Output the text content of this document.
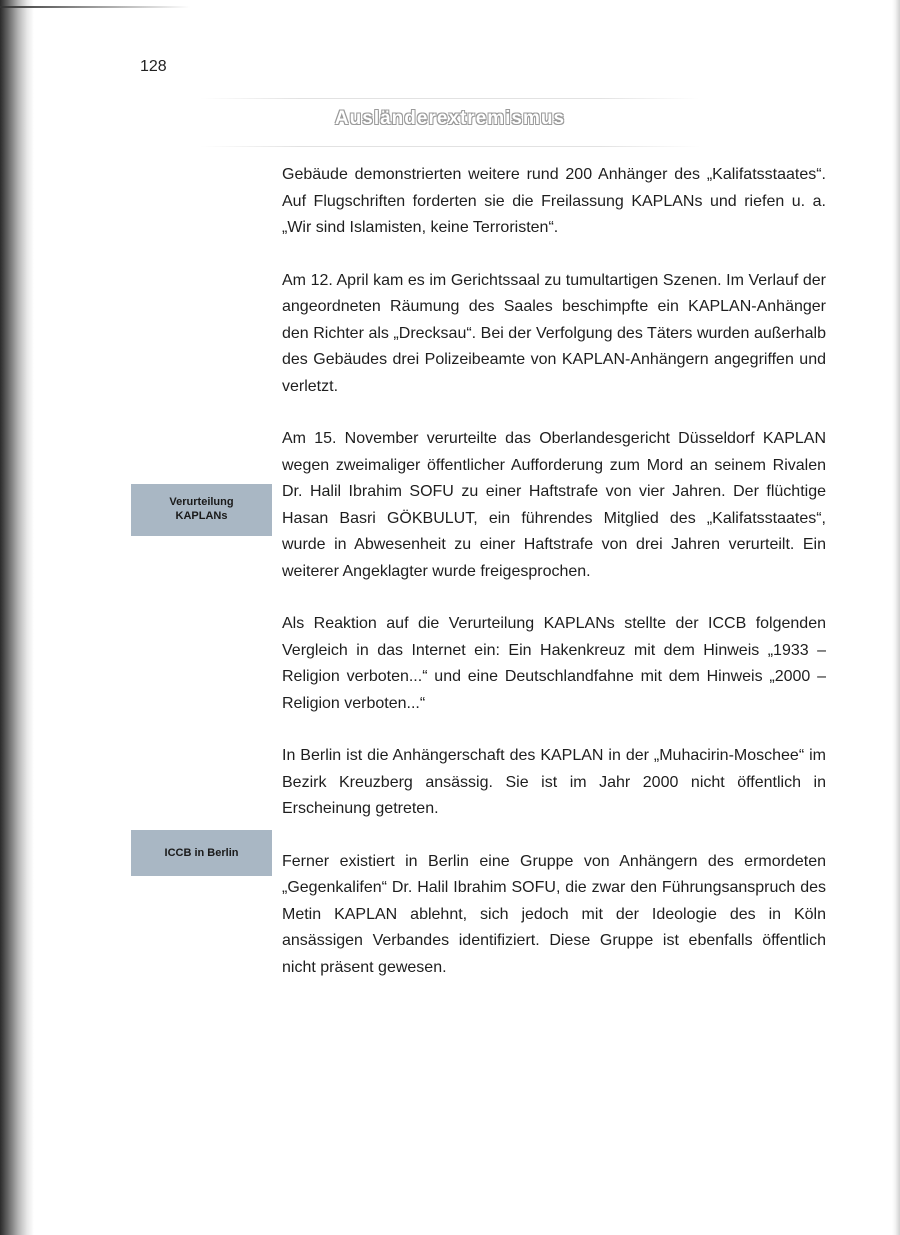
128
Ausländerextremismus
Verurteilung
KAPLANs
ICCB in Berlin

Gebäude demonstrierten weitere rund 200 Anhänger des „Kalifatsstaates“. Auf Flugschriften forderten sie die Freilassung KAPLANs und riefen u. a. „Wir sind Islamisten, keine Terroristen“.

Am 12. April kam es im Gerichtssaal zu tumultartigen Szenen. Im Verlauf der angeordneten Räumung des Saales beschimpfte ein KAPLAN-Anhänger den Richter als „Drecksau“. Bei der Verfolgung des Täters wurden außerhalb des Gebäudes drei Polizeibeamte von KAPLAN-Anhängern angegriffen und verletzt.

Am 15. November verurteilte das Oberlandesgericht Düsseldorf KAPLAN wegen zweimaliger öffentlicher Aufforderung zum Mord an seinem Rivalen Dr. Halil Ibrahim SOFU zu einer Haftstrafe von vier Jahren. Der flüchtige Hasan Basri GÖKBULUT, ein führendes Mitglied des „Kalifatsstaates“, wurde in Abwesenheit zu einer Haftstrafe von drei Jahren verurteilt. Ein weiterer Angeklagter wurde freigesprochen.

Als Reaktion auf die Verurteilung KAPLANs stellte der ICCB folgenden Vergleich in das Internet ein: Ein Hakenkreuz mit dem Hinweis „1933 – Religion verboten...“ und eine Deutschlandfahne mit dem Hinweis „2000 – Religion verboten...“

In Berlin ist die Anhängerschaft des KAPLAN in der „Muhacirin-Moschee“ im Bezirk Kreuzberg ansässig. Sie ist im Jahr 2000 nicht öffentlich in Erscheinung getreten.

Ferner existiert in Berlin eine Gruppe von Anhängern des ermordeten „Gegenkalifen“ Dr. Halil Ibrahim SOFU, die zwar den Führungsanspruch des Metin KAPLAN ablehnt, sich jedoch mit der Ideologie des in Köln ansässigen Verbandes identifiziert. Diese Gruppe ist ebenfalls öffentlich nicht präsent gewesen.
